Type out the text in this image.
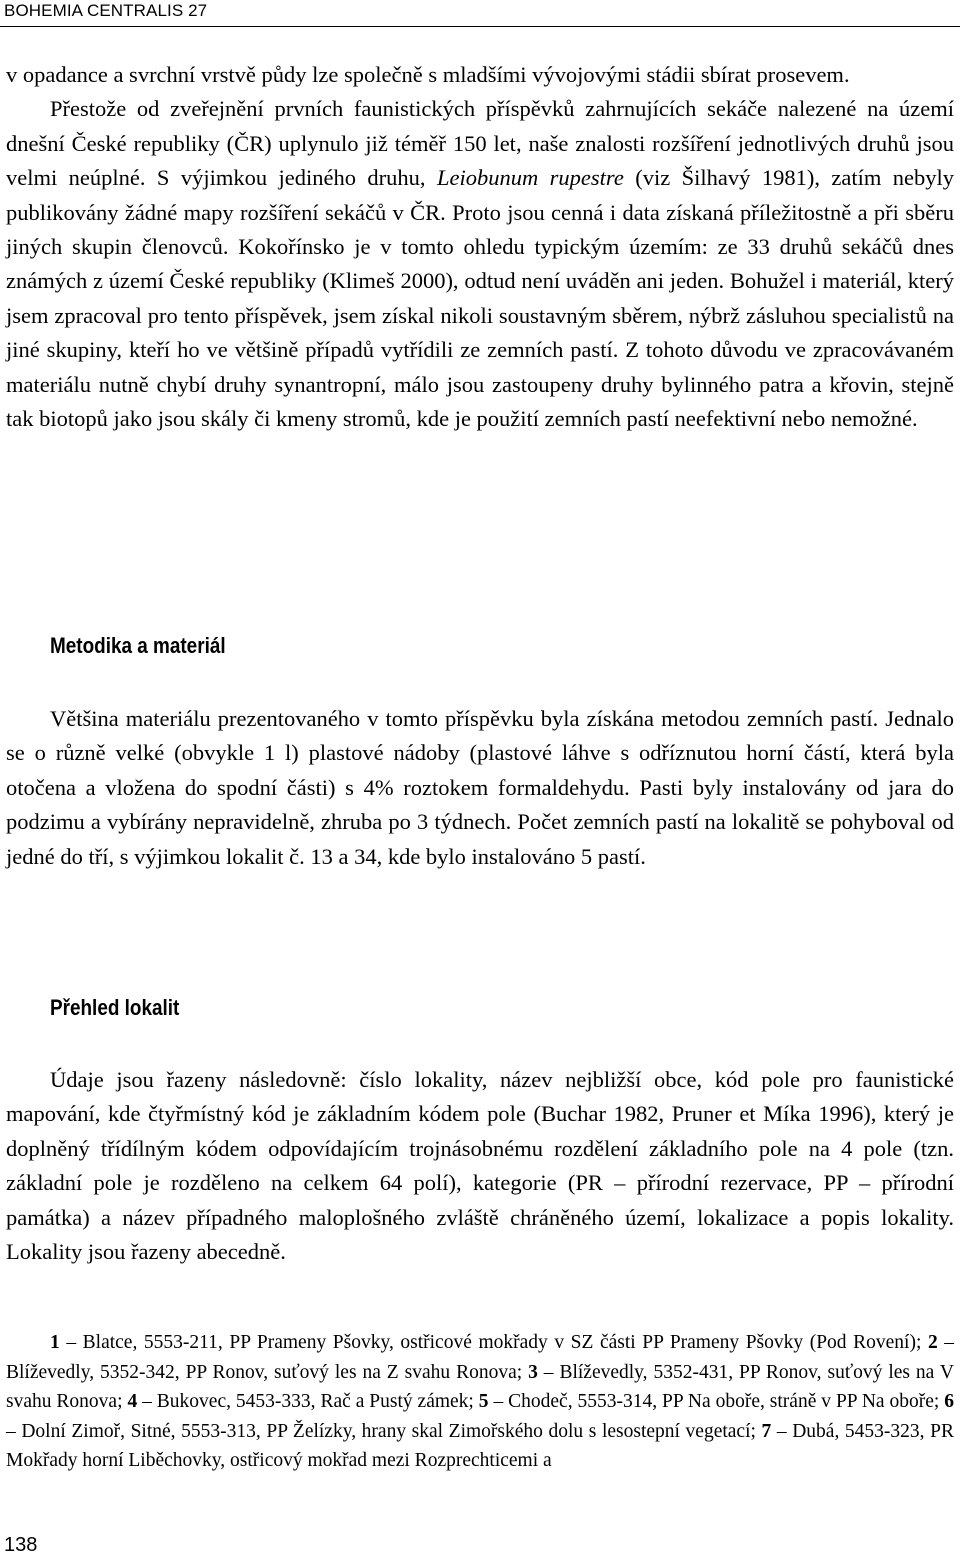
BOHEMIA CENTRALIS 27

v opadance a svrchní vrstvě půdy lze společně s mladšími vývojovými stádii sbírat prosevem.
Přestože od zveřejnění prvních faunistických příspěvků zahrnujících sekáče nalezené na území dnešní České republiky (ČR) uplynulo již téměř 150 let, naše znalosti rozšíření jednotlivých druhů jsou velmi neúplné. S výjimkou jediného druhu, Leiobunum rupestre (viz Šilhavý 1981), zatím nebyly publikovány žádné mapy rozšíření sekáčů v ČR. Proto jsou cenná i data získaná příležitostně a při sběru jiných skupin členovců. Kokořínsko je v tomto ohledu typickým územím: ze 33 druhů sekáčů dnes známých z území České republiky (Klimeš 2000), odtud není uváděn ani jeden. Bohužel i materiál, který jsem zpracoval pro tento příspěvek, jsem získal nikoli soustavným sběrem, nýbrž zásluhou specialistů na jiné skupiny, kteří ho ve většině případů vytřídili ze zemních pastí. Z tohoto důvodu ve zpracovávaném materiálu nutně chybí druhy synantropní, málo jsou zastoupeny druhy bylinného patra a křovin, stejně tak biotopů jako jsou skály či kmeny stromů, kde je použití zemních pastí neefektivní nebo nemožné.

Metodika a materiál

Většina materiálu prezentovaného v tomto příspěvku byla získána metodou zemních pastí. Jednalo se o různě velké (obvykle 1 l) plastové nádoby (plastové láhve s odříznutou horní částí, která byla otočena a vložena do spodní části) s 4% roztokem formaldehydu. Pasti byly instalovány od jara do podzimu a vybírány nepravidelně, zhruba po 3 týdnech. Počet zemních pastí na lokalitě se pohyboval od jedné do tří, s výjimkou lokalit č. 13 a 34, kde bylo instalováno 5 pastí.

Přehled lokalit

Údaje jsou řazeny následovně: číslo lokality, název nejbližší obce, kód pole pro faunistické mapování, kde čtyřmístný kód je základním kódem pole (Buchar 1982, Pruner et Míka 1996), který je doplněný třídílným kódem odpovídajícím trojnásobnému rozdělení základního pole na 4 pole (tzn. základní pole je rozděleno na celkem 64 polí), kategorie (PR – přírodní rezervace, PP – přírodní památka) a název případného maloplošného zvláště chráněného území, lokalizace a popis lokality. Lokality jsou řazeny abecedně.

1 – Blatce, 5553-211, PP Prameny Pšovky, ostřicové mokřady v SZ části PP Prameny Pšovky (Pod Rovení); 2 – Blíževedly, 5352-342, PP Ronov, suťový les na Z svahu Ronova; 3 – Blíževedly, 5352-431, PP Ronov, suťový les na V svahu Ronova; 4 – Bukovec, 5453-333, Rač a Pustý zámek; 5 – Chodeč, 5553-314, PP Na oboře, stráně v PP Na oboře; 6 – Dolní Zimoř, Sitné, 5553-313, PP Želízky, hrany skal Zimořského dolu s lesostepní vegetací; 7 – Dubá, 5453-323, PR Mokřady horní Liběchovky, ostřicový mokřad mezi Rozprechticemi a

138
